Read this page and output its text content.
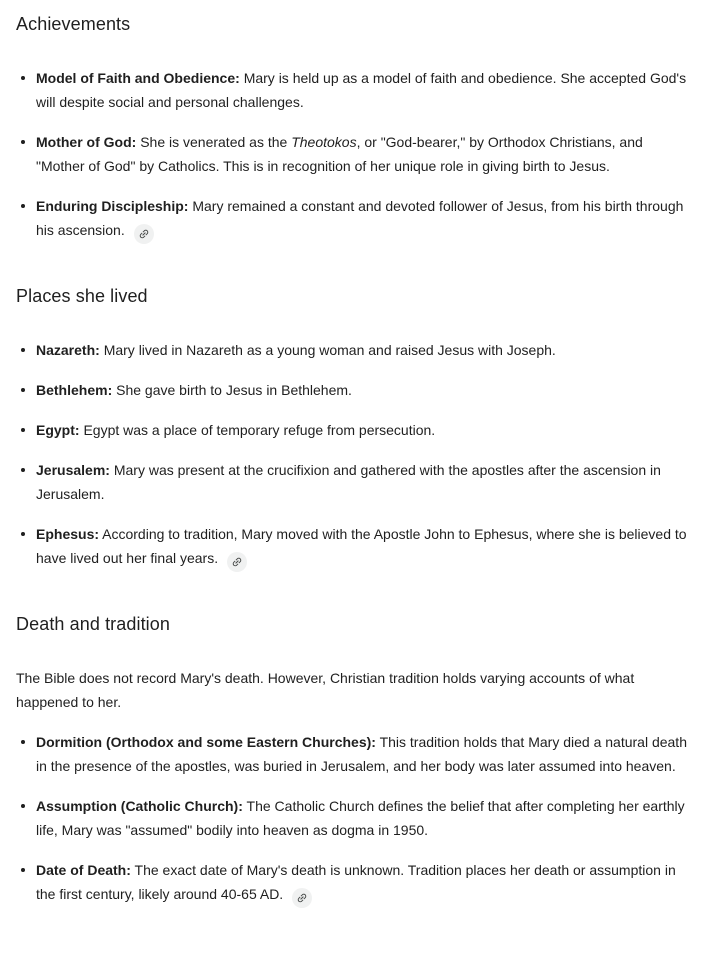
Achievements
Model of Faith and Obedience: Mary is held up as a model of faith and obedience. She accepted God's will despite social and personal challenges.
Mother of God: She is venerated as the Theotokos, or "God-bearer," by Orthodox Christians, and "Mother of God" by Catholics. This is in recognition of her unique role in giving birth to Jesus.
Enduring Discipleship: Mary remained a constant and devoted follower of Jesus, from his birth through his ascension.
Places she lived
Nazareth: Mary lived in Nazareth as a young woman and raised Jesus with Joseph.
Bethlehem: She gave birth to Jesus in Bethlehem.
Egypt: Egypt was a place of temporary refuge from persecution.
Jerusalem: Mary was present at the crucifixion and gathered with the apostles after the ascension in Jerusalem.
Ephesus: According to tradition, Mary moved with the Apostle John to Ephesus, where she is believed to have lived out her final years.
Death and tradition

The Bible does not record Mary's death. However, Christian tradition holds varying accounts of what happened to her.

Dormition (Orthodox and some Eastern Churches): This tradition holds that Mary died a natural death in the presence of the apostles, was buried in Jerusalem, and her body was later assumed into heaven.
Assumption (Catholic Church): The Catholic Church defines the belief that after completing her earthly life, Mary was "assumed" bodily into heaven as dogma in 1950.
Date of Death: The exact date of Mary's death is unknown. Tradition places her death or assumption in the first century, likely around 40-65 AD.
